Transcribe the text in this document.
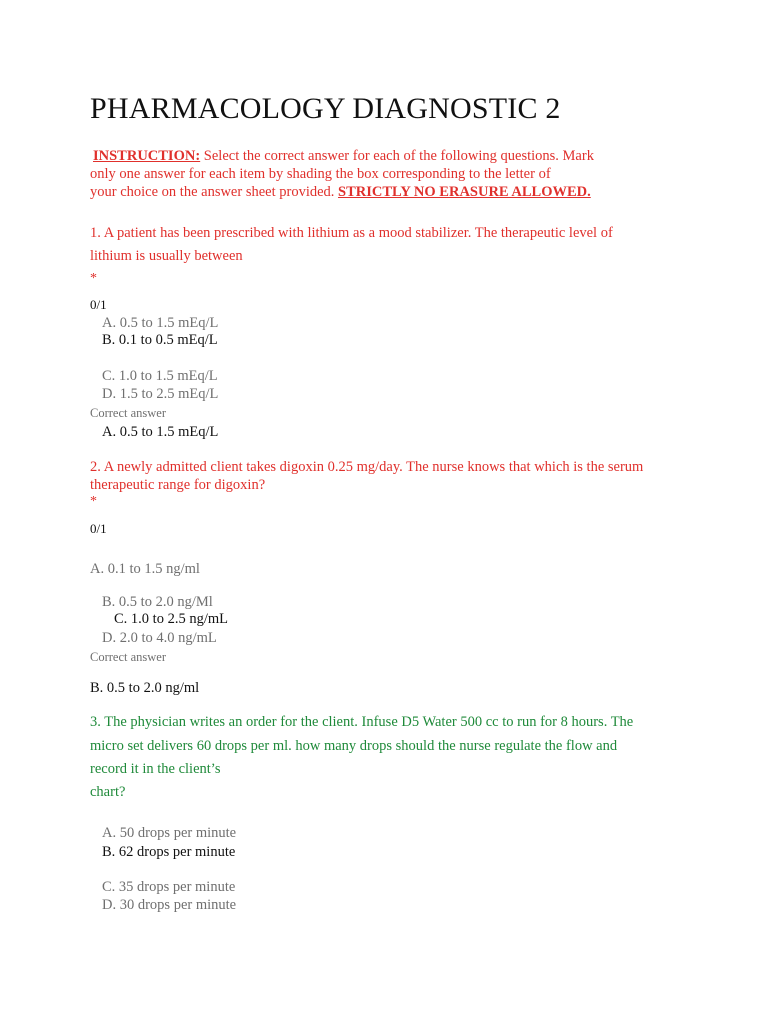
PHARMACOLOGY DIAGNOSTIC 2
INSTRUCTION: Select the correct answer for each of the following questions. Mark
only one answer for each item by shading the box corresponding to the letter of
your choice on the answer sheet provided. STRICTLY NO ERASURE ALLOWED.
1. A patient has been prescribed with lithium as a mood stabilizer. The therapeutic level of
lithium is usually between
*
0/1
A. 0.5 to 1.5 mEq/L
B. 0.1 to 0.5 mEq/L
C. 1.0 to 1.5 mEq/L
D. 1.5 to 2.5 mEq/L
Correct answer
A. 0.5 to 1.5 mEq/L
2. A newly admitted client takes digoxin 0.25 mg/day. The nurse knows that which is the serum
therapeutic range for digoxin?
*
0/1
A. 0.1 to 1.5 ng/ml
B. 0.5 to 2.0 ng/Ml
C. 1.0 to 2.5 ng/mL
D. 2.0 to 4.0 ng/mL
Correct answer
B. 0.5 to 2.0 ng/ml
3. The physician writes an order for the client. Infuse D5 Water 500 cc to run for 8 hours. The
micro set delivers 60 drops per ml. how many drops should the nurse regulate the flow and
record it in the client’s
chart?
A. 50 drops per minute
B. 62 drops per minute
C. 35 drops per minute
D. 30 drops per minute
